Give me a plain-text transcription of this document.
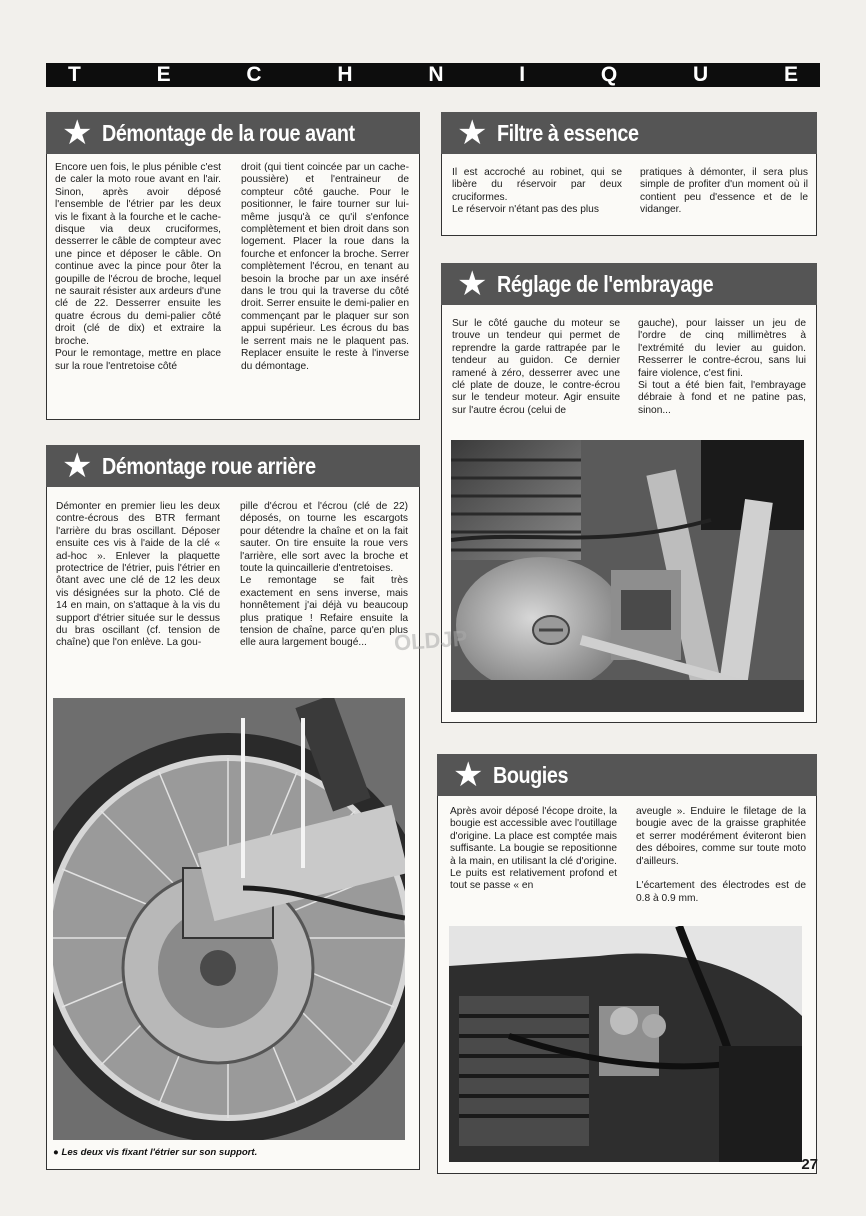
T	E	C	H	N	I	Q	U	E
★ Démontage de la roue avant
Encore uen fois, le plus pénible c'est de caler la moto roue avant en l'air. Sinon, après avoir déposé l'ensemble de l'étrier par les deux vis le fixant à la fourche et le cache-disque via deux cruciformes, desserrer le câble de compteur avec une pince et déposer le câble. On continue avec la pince pour ôter la goupille de l'écrou de broche, lequel ne saurait résister aux ardeurs d'une clé de 22. Desserrer ensuite les quatre écrous du demi-palier côté droit (clé de dix) et extraire la broche.
Pour le remontage, mettre en place sur la roue l'entretoise côté
droit (qui tient coincée par un cache-poussière) et l'entraineur de compteur côté gauche. Pour le positionner, le faire tourner sur lui-même jusqu'à ce qu'il s'enfonce complètement et bien droit dans son logement. Placer la roue dans la fourche et enfoncer la broche. Serrer complètement l'écrou, en tenant au besoin la broche par un axe inséré dans le trou qui la traverse du côté droit. Serrer ensuite le demi-palier en commençant par le plaquer sur son appui supérieur. Les écrous du bas le serrent mais ne le plaquent pas. Replacer ensuite le reste à l'inverse du démontage.
★ Filtre à essence
Il est accroché au robinet, qui se libère du réservoir par deux cruciformes.
Le réservoir n'étant pas des plus
pratiques à démonter, il sera plus simple de profiter d'un moment où il contient peu d'essence et de le vidanger.
★ Réglage de l'embrayage
Sur le côté gauche du moteur se trouve un tendeur qui permet de reprendre la garde rattrapée par le tendeur au guidon. Ce dernier ramené à zéro, desserrer avec une clé plate de douze, le contre-écrou sur le tendeur moteur. Agir ensuite sur l'autre écrou (celui de
gauche), pour laisser un jeu de l'ordre de cinq millimètres à l'extrémité du levier au guidon. Resserrer le contre-écrou, sans lui faire violence, c'est fini.
Si tout a été bien fait, l'embrayage débraie à fond et ne patine pas, sinon...
★ Démontage roue arrière
Démonter en premier lieu les deux contre-écrous des BTR fermant l'arrière du bras oscillant. Déposer ensuite ces vis à l'aide de la clé « ad-hoc ». Enlever la plaquette protectrice de l'étrier, puis l'étrier en ôtant avec une clé de 12 les deux vis désignées sur la photo. Clé de 14 en main, on s'attaque à la vis du support d'étrier située sur le dessus du bras oscillant (cf. tension de chaîne) que l'on enlève. La gou-
pille d'écrou et l'écrou (clé de 22) déposés, on tourne les escargots pour détendre la chaîne et on la fait sauter. On tire ensuite la roue vers l'arrière, elle sort avec la broche et toute la quincaillerie d'entretoises.
Le remontage se fait très exactement en sens inverse, mais honnêtement j'ai déjà vu beaucoup plus pratique ! Refaire ensuite la tension de chaîne, parce qu'en plus elle aura largement bougé...
● Les deux vis fixant l'étrier sur son support.
★ Bougies
Après avoir déposé l'écope droite, la bougie est accessible avec l'outillage d'origine. La place est comptée mais suffisante. La bougie se repositionne à la main, en utilisant la clé d'origine. Le puits est relativement profond et tout se passe « en
aveugle ». Enduire le filetage de la bougie avec de la graisse graphitée et serrer modérément éviteront bien des déboires, comme sur toute moto d'ailleurs.

L'écartement des électrodes est de 0.8 à 0.9 mm.
OLDJP
27
